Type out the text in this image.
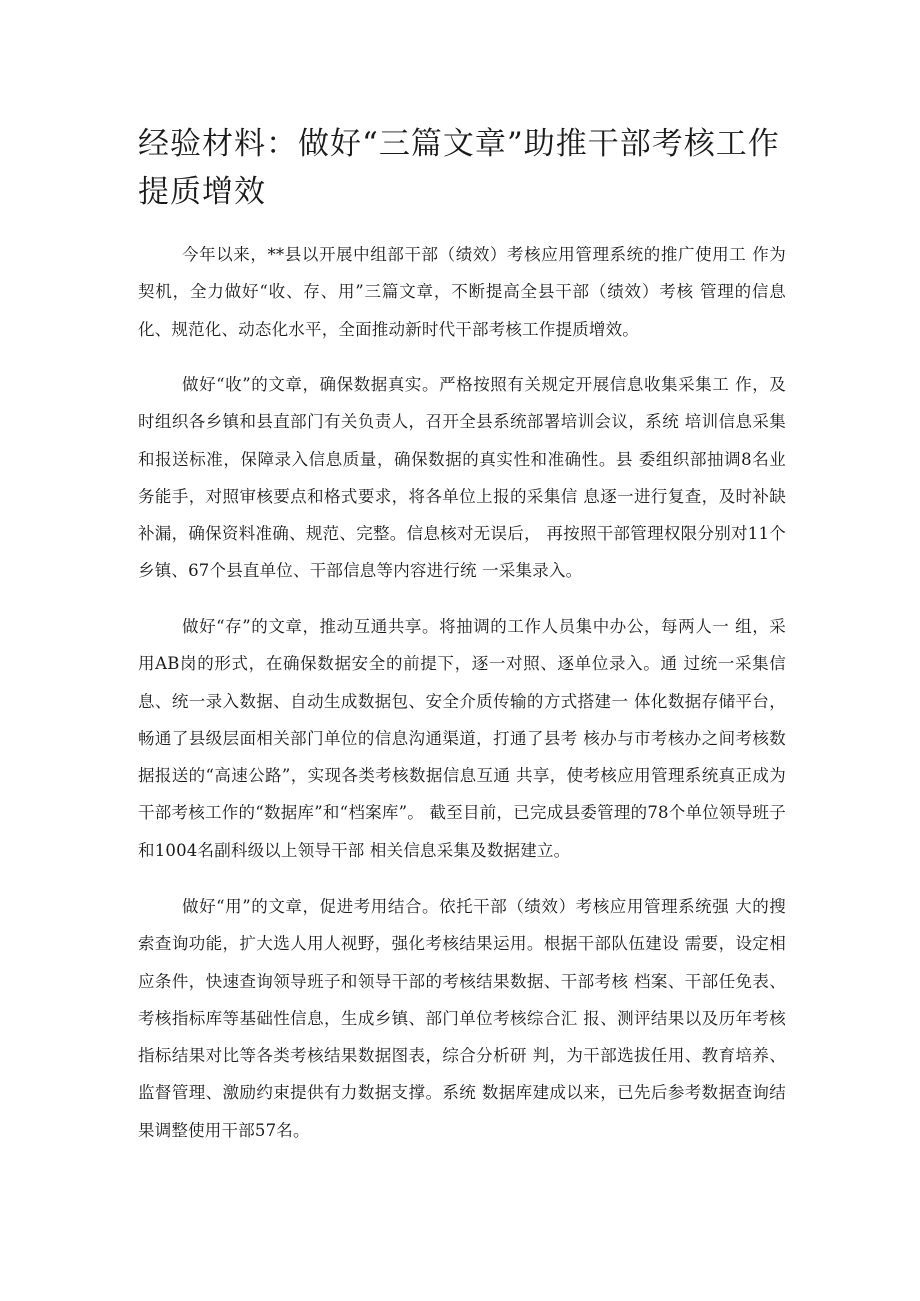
经验材料：做好“三篇文章”助推干部考核工作提质增效

今年以来，**县以开展中组部干部（绩效）考核应用管理系统的推广使用工 作为契机，全力做好“收、存、用”三篇文章，不断提高全县干部（绩效）考核 管理的信息化、规范化、动态化水平，全面推动新时代干部考核工作提质增效。

做好“收”的文章，确保数据真实。严格按照有关规定开展信息收集采集工 作，及时组织各乡镇和县直部门有关负责人，召开全县系统部署培训会议，系统 培训信息采集和报送标准，保障录入信息质量，确保数据的真实性和准确性。县 委组织部抽调8名业务能手，对照审核要点和格式要求，将各单位上报的采集信 息逐一进行复查，及时补缺补漏，确保资料准确、规范、完整。信息核对无误后， 再按照干部管理权限分别对11个乡镇、67个县直单位、干部信息等内容进行统 一采集录入。

做好“存”的文章，推动互通共享。将抽调的工作人员集中办公，每两人一 组，采用AB岗的形式，在确保数据安全的前提下，逐一对照、逐单位录入。通 过统一采集信息、统一录入数据、自动生成数据包、安全介质传输的方式搭建一 体化数据存储平台，畅通了县级层面相关部门单位的信息沟通渠道，打通了县考 核办与市考核办之间考核数据报送的“高速公路”，实现各类考核数据信息互通 共享，使考核应用管理系统真正成为干部考核工作的“数据库”和“档案库”。 截至目前，已完成县委管理的78个单位领导班子和1004名副科级以上领导干部 相关信息采集及数据建立。

做好“用”的文章，促进考用结合。依托干部（绩效）考核应用管理系统强 大的搜索查询功能，扩大选人用人视野，强化考核结果运用。根据干部队伍建设 需要，设定相应条件，快速查询领导班子和领导干部的考核结果数据、干部考核 档案、干部任免表、考核指标库等基础性信息，生成乡镇、部门单位考核综合汇 报、测评结果以及历年考核指标结果对比等各类考核结果数据图表，综合分析研 判，为干部选拔任用、教育培养、监督管理、激励约束提供有力数据支撑。系统 数据库建成以来，已先后参考数据查询结果调整使用干部57名。
